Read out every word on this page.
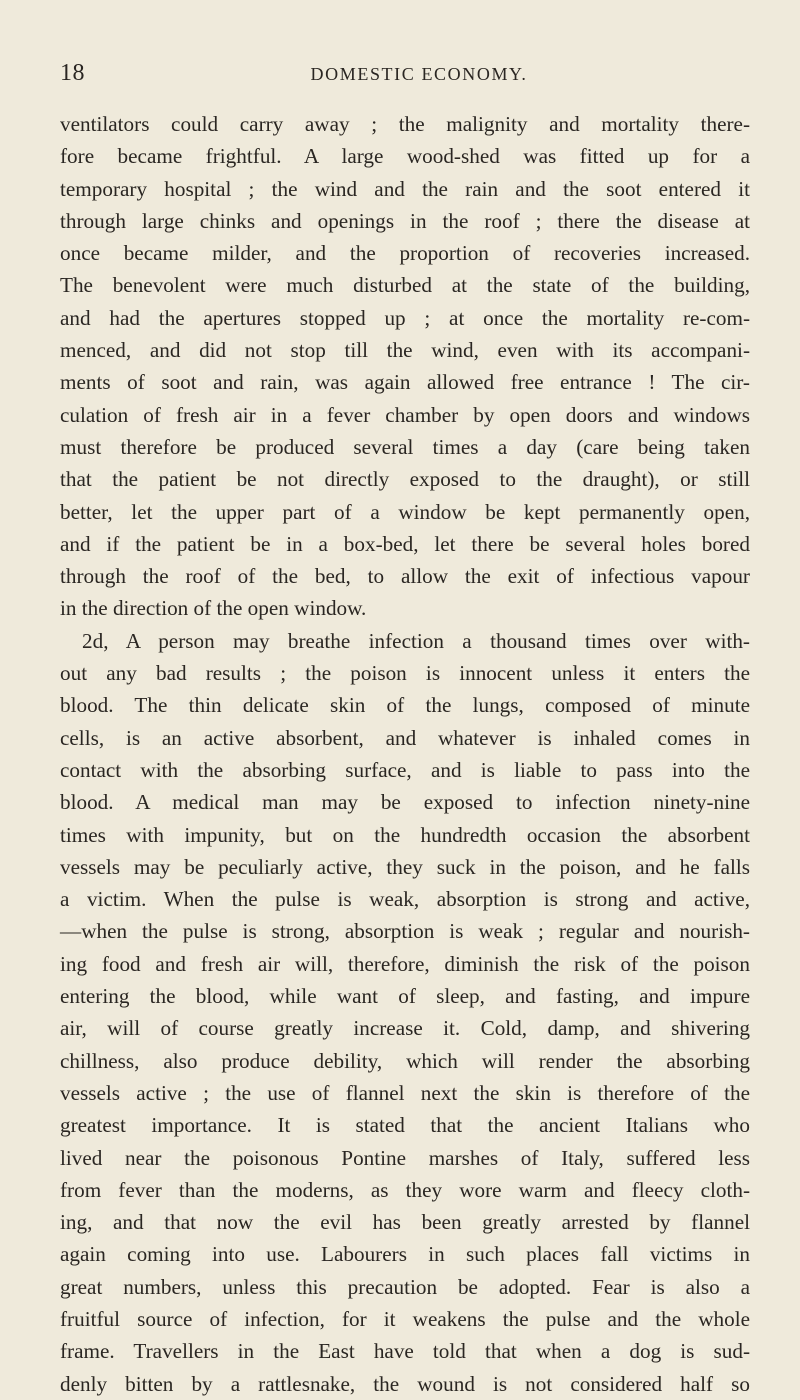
18	DOMESTIC ECONOMY.
ventilators could carry away ; the malignity and mortality there-
fore became frightful. A large wood-shed was fitted up for a
temporary hospital ; the wind and the rain and the soot entered it
through large chinks and openings in the roof ; there the disease at
once became milder, and the proportion of recoveries increased.
The benevolent were much disturbed at the state of the building,
and had the apertures stopped up ; at once the mortality re-com-
menced, and did not stop till the wind, even with its accompani-
ments of soot and rain, was again allowed free entrance ! The cir-
culation of fresh air in a fever chamber by open doors and windows
must therefore be produced several times a day (care being taken
that the patient be not directly exposed to the draught), or still
better, let the upper part of a window be kept permanently open,
and if the patient be in a box-bed, let there be several holes bored
through the roof of the bed, to allow the exit of infectious vapour
in the direction of the open window.
2d, A person may breathe infection a thousand times over with-
out any bad results ; the poison is innocent unless it enters the
blood. The thin delicate skin of the lungs, composed of minute
cells, is an active absorbent, and whatever is inhaled comes in
contact with the absorbing surface, and is liable to pass into the
blood. A medical man may be exposed to infection ninety-nine
times with impunity, but on the hundredth occasion the absorbent
vessels may be peculiarly active, they suck in the poison, and he falls
a victim. When the pulse is weak, absorption is strong and active,
—when the pulse is strong, absorption is weak ; regular and nourish-
ing food and fresh air will, therefore, diminish the risk of the poison
entering the blood, while want of sleep, and fasting, and impure
air, will of course greatly increase it. Cold, damp, and shivering
chillness, also produce debility, which will render the absorbing
vessels active ; the use of flannel next the skin is therefore of the
greatest importance. It is stated that the ancient Italians who
lived near the poisonous Pontine marshes of Italy, suffered less
from fever than the moderns, as they wore warm and fleecy cloth-
ing, and that now the evil has been greatly arrested by flannel
again coming into use. Labourers in such places fall victims in
great numbers, unless this precaution be adopted. Fear is also a
fruitful source of infection, for it weakens the pulse and the whole
frame. Travellers in the East have told that when a dog is sud-
denly bitten by a rattlesnake, the wound is not considered half so
